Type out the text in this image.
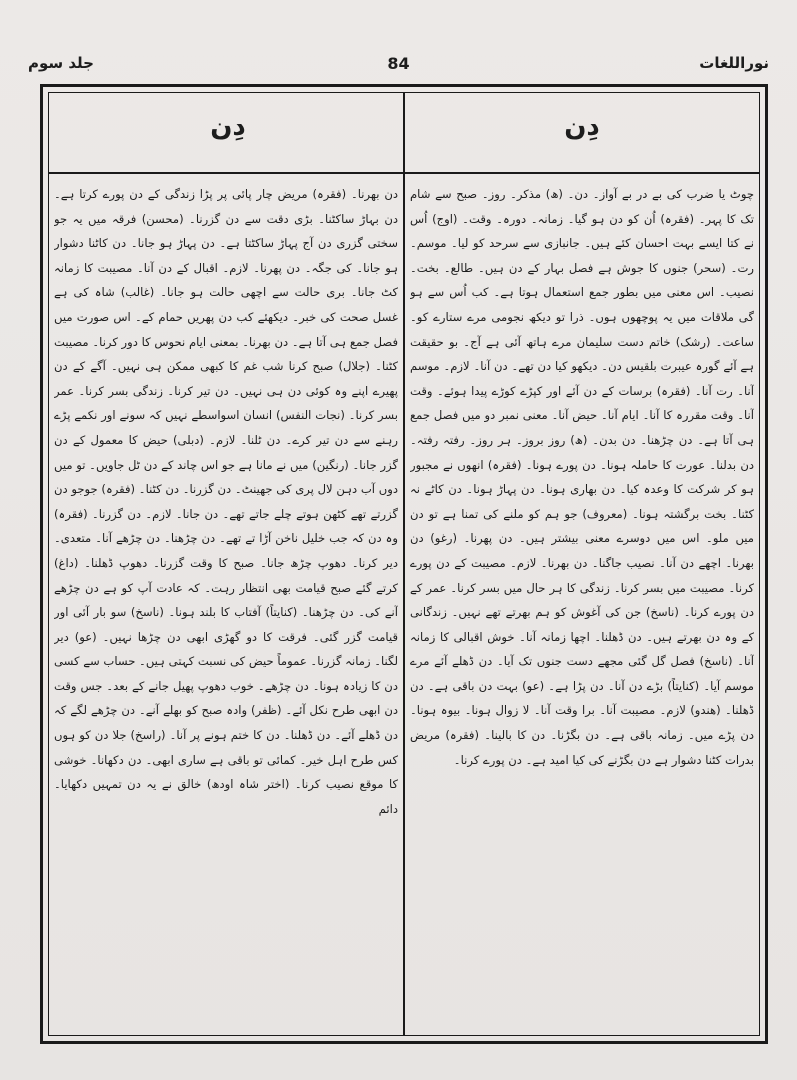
نوراللغات
84
جلد سوم
دِن
دِن

چوٹ یا ضرب کی بے در بے آواز۔ دن۔ (ھ) مذکر۔ روز۔ صبح سے شام تک کا پہر۔ (فقرہ) اُن کو دن ہو گیا۔ زمانہ۔ دورہ۔ وقت۔ (اوج) اُس نے کتا ایسے بہت احسان کئے ہیں۔ جانبازی سے سرحد کو لیا۔ موسم۔ رت۔ (سحر) جنوں کا جوش ہے فصل بہار کے دن ہیں۔ طالع۔ بخت۔ نصیب۔ اس معنی میں بطور جمع استعمال ہوتا ہے۔ کب اُس سے ہو گی ملاقات میں یہ پوچھوں ہوں۔ ذرا تو دیکھ نجومی مرے ستارے کو۔ ساعت۔ (رشک) خاتم دست سلیمان مرے ہاتھ آئی ہے آج۔ بو حقیقت ہے آئے گورہ عیبرت بلقیس دن۔ دیکھو کیا دن تھے۔ دن آنا۔ لازم۔ موسم آنا۔ رت آنا۔ (فقرہ) برسات کے دن آئے اور کپڑے کوڑے پیدا ہوئے۔ وقت آنا۔ وقت مقررہ کا آنا۔ ایام آنا۔ حیض آنا۔ معنی نمبر دو میں فصل جمع ہی آتا ہے۔ دن چڑھنا۔ دن بدن۔ (ھ) روز بروز۔ ہر روز۔ رفتہ رفتہ۔ دن بدلنا۔ عورت کا حاملہ ہونا۔ دن پورے ہونا۔ (فقرہ) انھوں نے مجبور ہو کر شرکت کا وعدہ کیا۔ دن بھاری ہونا۔ دن پہاڑ ہونا۔ دن کاٹے نہ کٹنا۔ بخت برگشتہ ہونا۔ (معروف) جو ہم کو ملنے کی تمنا ہے تو دن میں ملو۔ اس میں دوسرے معنی بیشتر ہیں۔ دن پھرنا۔ (رغو) دن بھرنا۔ اچھے دن آنا۔ نصیب جاگنا۔ دن بھرنا۔ لازم۔ مصیبت کے دن پورے کرنا۔ مصیبت میں بسر کرنا۔ زندگی کا ہر حال میں بسر کرنا۔ عمر کے دن پورے کرنا۔ (ناسخ) جن کی آغوش کو ہم بھرتے تھے نہیں۔ زندگانی کے وہ دن بھرتے ہیں۔ دن ڈھلنا۔ اچھا زمانہ آنا۔ خوش اقبالی کا زمانہ آنا۔ (ناسخ) فصل گل گئی مجھے دست جنوں تک آیا۔ دن ڈھلے آئے مرے موسم آیا۔ (کنایتاً) بڑے دن آنا۔ دن پڑا ہے۔ (عو) بہت دن باقی ہے۔ دن ڈھلنا۔ (ھندو) لازم۔ مصیبت آنا۔ برا وقت آنا۔ لا زوال ہونا۔ بیوہ ہونا۔ دن پڑے میں۔ زمانہ باقی ہے۔ دن بگڑنا۔ دن کا بالینا۔ (فقرہ) مریض بدرات کٹنا دشوار ہے دن بگڑنے کی کیا امید ہے۔ دن پورے کرنا۔

دن بھرنا۔ (فقرہ) مریض چار پائی پر پڑا زندگی کے دن پورے کرتا ہے۔ دن بہاڑ ساکٹنا۔ بڑی دقت سے دن گزرنا۔ (محسن) فرقہ میں یہ جو سختی گزری دن آج پہاڑ ساکٹتا ہے۔ دن پہاڑ ہو جانا۔ دن کاٹنا دشوار ہو جانا۔ کی جگہ۔ دن پھرنا۔ لازم۔ اقبال کے دن آنا۔ مصیبت کا زمانہ کٹ جانا۔ بری حالت سے اچھی حالت ہو جانا۔ (غالب) شاہ کی ہے غسل صحت کی خبر۔ دیکھئے کب دن پھریں حمام کے۔ اس صورت میں فصل جمع ہی آتا ہے۔ دن بھرنا۔ بمعنی ایام نحوس کا دور کرنا۔ مصیبت کٹنا۔ (جلال) صبح کرنا شب غم کا کبھی ممکن ہی نہیں۔ آگے کے دن پھیرے اپنے وہ کوئی دن ہی نہیں۔ دن تیر کرنا۔ زندگی بسر کرنا۔ عمر بسر کرنا۔ (نجات النفس) انسان اسواسطے نہیں کہ سونے اور نکمے پڑے رہنے سے دن تیر کرے۔ دن ٹلنا۔ لازم۔ (دبلی) حیض کا معمول کے دن گزر جانا۔ (رنگین) میں نے مانا ہے جو اس چاند کے دن ٹل جاویں۔ تو میں دوں آب دہن لال پری کی جھینٹ۔ دن گزرنا۔ دن کٹنا۔ (فقرہ) جوجو دن گزرتے تھے کٹھن ہوتے چلے جاتے تھے۔ دن جانا۔ لازم۔ دن گزرنا۔ (فقرہ) وہ دن کہ جب خلیل ناخن آڑا تے تھے۔ دن چڑھنا۔ دن چڑھے آنا۔ متعدی۔ دیر کرنا۔ دھوپ چڑھ جانا۔ صبح کا وقت گزرنا۔ دھوپ ڈھلنا۔ (داغ) کرتے گئے صبح قیامت بھی انتظار رہت۔ کہ عادت آپ کو ہے دن چڑھے آنے کی۔ دن چڑھنا۔ (کنایتاً) آفتاب کا بلند ہونا۔ (ناسخ) سو بار آئی اور قیامت گزر گئی۔ فرقت کا دو گھڑی ابھی دن چڑھا نہیں۔ (عو) دیر لگنا۔ زمانہ گزرنا۔ عموماً حیض کی نسبت کہتی ہیں۔ حساب سے کسی دن کا زیادہ ہونا۔ دن چڑھے۔ خوب دھوپ پھیل جانے کے بعد۔ جس وقت دن ابھی طرح نکل آئے۔ (ظفر) وادہ صبح کو بھلے آنے۔ دن چڑھے لگے کہ دن ڈھلے آئے۔ دن ڈھلنا۔ دن کا ختم ہونے پر آنا۔ (راسخ) جلا دن کو ہوں کس طرح اہل خیر۔ کمائی تو باقی ہے ساری ابھی۔ دن دکھانا۔ خوشی کا موقع نصیب کرنا۔ (اختر شاہ اودھ) خالق نے یہ دن تمہیں دکھایا۔ دائم
